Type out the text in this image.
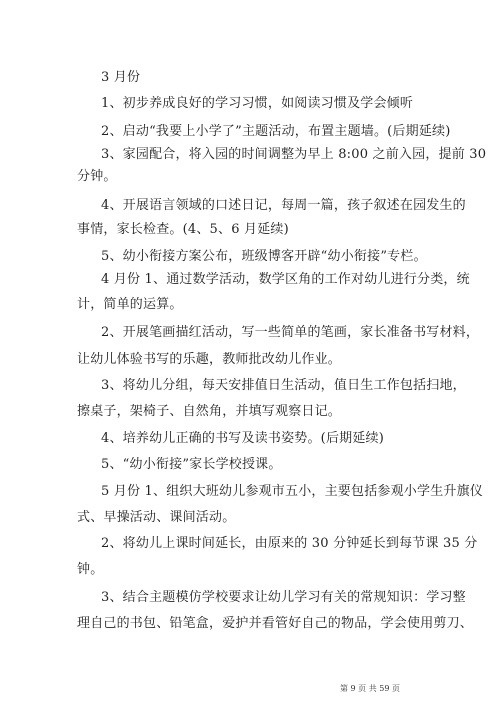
3 月份
1、初步养成良好的学习习惯，如阅读习惯及学会倾听
2、启动“我要上小学了”主题活动，布置主题墙。(后期延续)
3、家园配合，将入园的时间调整为早上 8:00 之前入园，提前 30
分钟。
4、开展语言领域的口述日记，每周一篇，孩子叙述在园发生的
事情，家长检查。(4、5、6 月延续)
5、幼小衔接方案公布，班级博客开辟“幼小衔接”专栏。
4 月份 1、通过数学活动，数学区角的工作对幼儿进行分类，统
计，简单的运算。
2、开展笔画描红活动，写一些简单的笔画，家长准备书写材料，
让幼儿体验书写的乐趣，教师批改幼儿作业。
3、将幼儿分组，每天安排值日生活动，值日生工作包括扫地，
擦桌子，架椅子、自然角，并填写观察日记。
4、培养幼儿正确的书写及读书姿势。(后期延续)
5、“幼小衔接”家长学校授课。
5 月份 1、组织大班幼儿参观市五小，主要包括参观小学生升旗仪
式、早操活动、课间活动。
2、将幼儿上课时间延长，由原来的 30 分钟延长到每节课 35 分
钟。
3、结合主题模仿学校要求让幼儿学习有关的常规知识：学习整
理自己的书包、铅笔盒，爱护并看管好自己的物品，学会使用剪刀、
第 9 页 共 59 页
